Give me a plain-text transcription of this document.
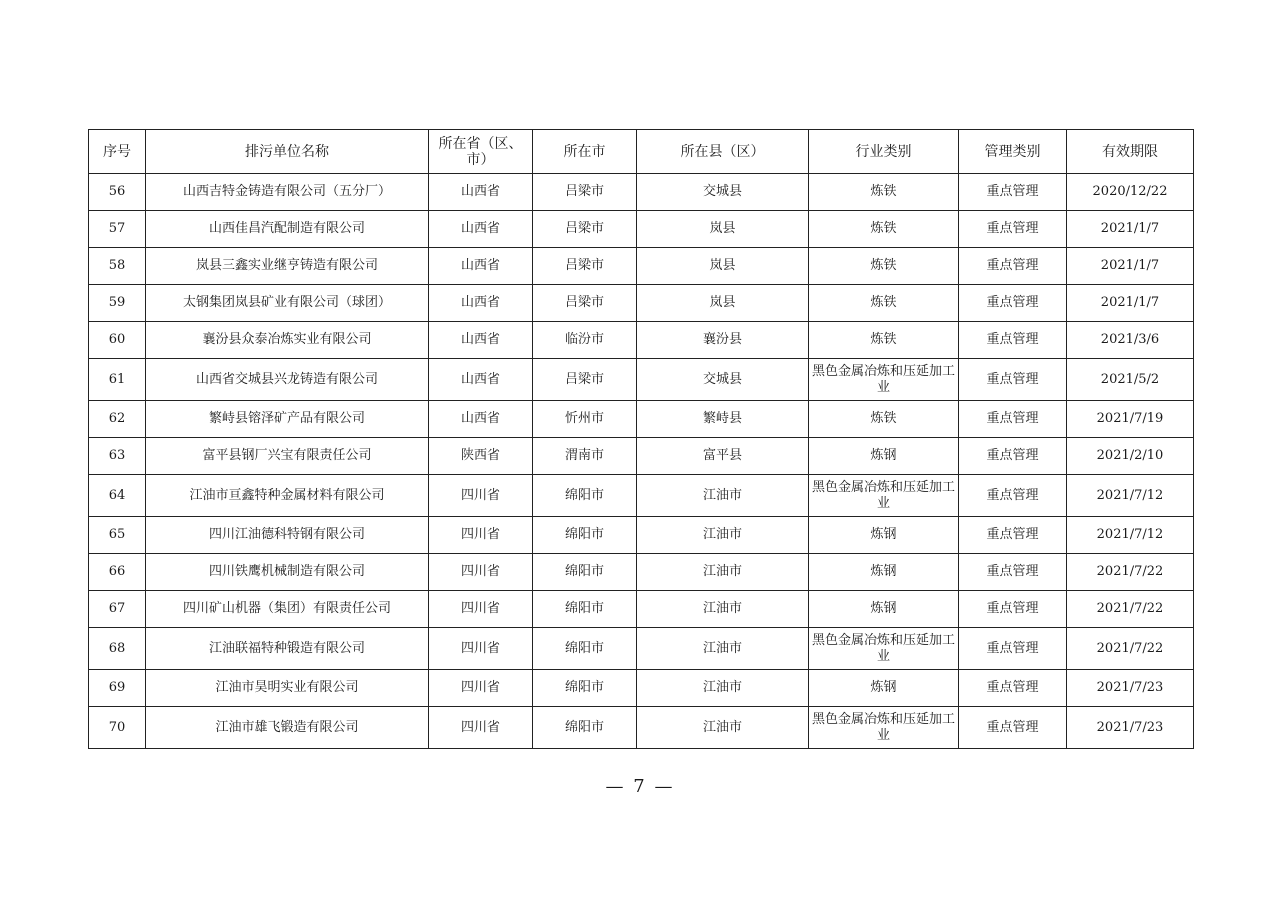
序号	排污单位名称	所在省（区、市）	所在市	所在县（区）	行业类别	管理类别	有效期限
56	山西吉特金铸造有限公司（五分厂）	山西省	吕梁市	交城县	炼铁	重点管理	2020/12/22
57	山西佳昌汽配制造有限公司	山西省	吕梁市	岚县	炼铁	重点管理	2021/1/7
58	岚县三鑫实业继亨铸造有限公司	山西省	吕梁市	岚县	炼铁	重点管理	2021/1/7
59	太钢集团岚县矿业有限公司（球团）	山西省	吕梁市	岚县	炼铁	重点管理	2021/1/7
60	襄汾县众泰冶炼实业有限公司	山西省	临汾市	襄汾县	炼铁	重点管理	2021/3/6
61	山西省交城县兴龙铸造有限公司	山西省	吕梁市	交城县	黑色金属冶炼和压延加工业	重点管理	2021/5/2
62	繁峙县镕泽矿产品有限公司	山西省	忻州市	繁峙县	炼铁	重点管理	2021/7/19
63	富平县钢厂兴宝有限责任公司	陕西省	渭南市	富平县	炼钢	重点管理	2021/2/10
64	江油市亘鑫特种金属材料有限公司	四川省	绵阳市	江油市	黑色金属冶炼和压延加工业	重点管理	2021/7/12
65	四川江油德科特钢有限公司	四川省	绵阳市	江油市	炼钢	重点管理	2021/7/12
66	四川铁鹰机械制造有限公司	四川省	绵阳市	江油市	炼钢	重点管理	2021/7/22
67	四川矿山机器（集团）有限责任公司	四川省	绵阳市	江油市	炼钢	重点管理	2021/7/22
68	江油联福特种锻造有限公司	四川省	绵阳市	江油市	黑色金属冶炼和压延加工业	重点管理	2021/7/22
69	江油市昊明实业有限公司	四川省	绵阳市	江油市	炼钢	重点管理	2021/7/23
70	江油市雄飞锻造有限公司	四川省	绵阳市	江油市	黑色金属冶炼和压延加工业	重点管理	2021/7/23
— 7 —
